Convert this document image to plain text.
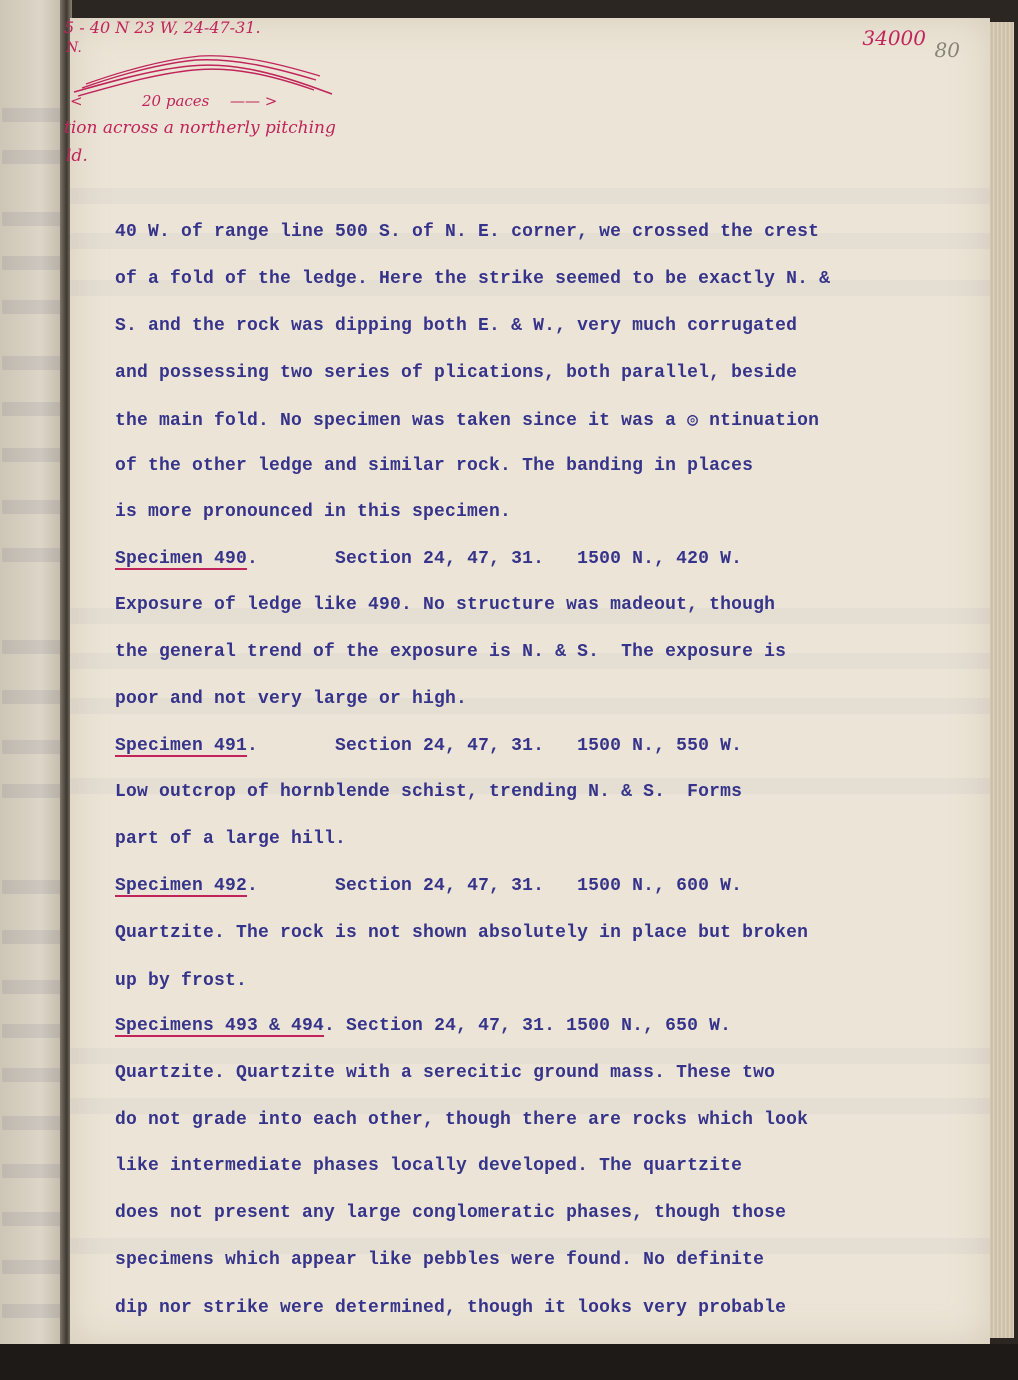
5 - 40 N 23 W, 24-47-31.
N.
<	20 paces —— >
tion across a northerly pitching
ld.
34000 80
40 W. of range line 500 S. of N. E. corner, we crossed the crest
of a fold of the ledge. Here the strike seemed to be exactly N. &
S. and the rock was dipping both E. & W., very much corrugated
and possessing two series of plications, both parallel, beside
the main fold. No specimen was taken since it was a ◎ ntinuation
of the other ledge and similar rock. The banding in places
is more pronounced in this specimen.
Specimen 490.       Section 24, 47, 31.   1500 N., 420 W.
Exposure of ledge like 490. No structure was madeout, though
the general trend of the exposure is N. & S.  The exposure is
poor and not very large or high.
Specimen 491.       Section 24, 47, 31.   1500 N., 550 W.
Low outcrop of hornblende schist, trending N. & S.  Forms
part of a large hill.
Specimen 492.       Section 24, 47, 31.   1500 N., 600 W.
Quartzite. The rock is not shown absolutely in place but broken
up by frost.
Specimens 493 & 494. Section 24, 47, 31. 1500 N., 650 W.
Quartzite. Quartzite with a serecitic ground mass. These two
do not grade into each other, though there are rocks which look
like intermediate phases locally developed. The quartzite
does not present any large conglomeratic phases, though those
specimens which appear like pebbles were found. No definite
dip nor strike were determined, though it looks very probable
